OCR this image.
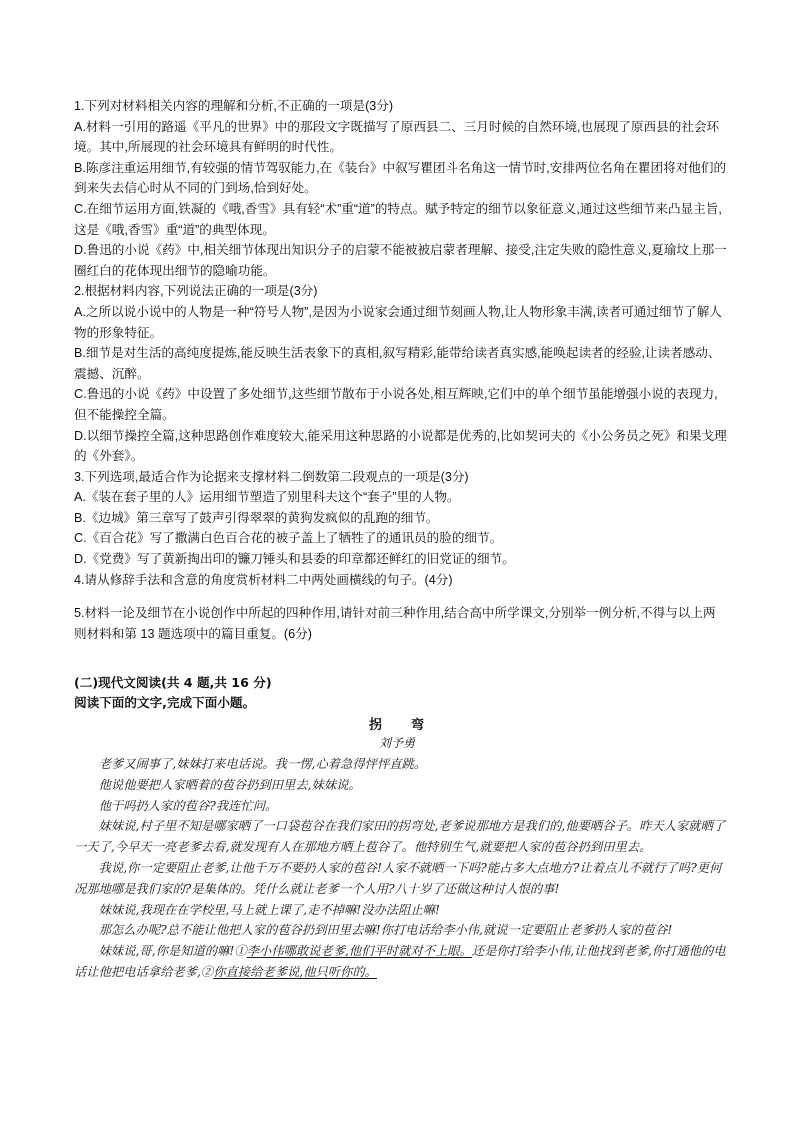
1.下列对材料相关内容的理解和分析,不正确的一项是(3分)

A.材料一引用的路遥《平凡的世界》中的那段文字既描写了原西县二、三月时候的自然环境,也展现了原西县的社会环境。其中,所展现的社会环境具有鲜明的时代性。

B.陈彦注重运用细节,有较强的情节驾驭能力,在《装台》中叙写瞿团斗名角这一情节时,安排两位名角在瞿团将对他们的到来失去信心时从不同的门到场,恰到好处。

C.在细节运用方面,铁凝的《哦,香雪》具有轻“术”重“道”的特点。赋予特定的细节以象征意义,通过这些细节来凸显主旨,这是《哦,香雪》重“道”的典型体现。

D.鲁迅的小说《药》中,相关细节体现出知识分子的启蒙不能被被启蒙者理解、接受,注定失败的隐性意义,夏瑜坟上那一圈红白的花体现出细节的隐喻功能。

2.根据材料内容,下列说法正确的一项是(3分)

A.之所以说小说中的人物是一种“符号人物”,是因为小说家会通过细节刻画人物,让人物形象丰满,读者可通过细节了解人物的形象特征。

B.细节是对生活的高纯度提炼,能反映生活表象下的真相,叙写精彩,能带给读者真实感,能唤起读者的经验,让读者感动、震撼、沉醉。

C.鲁迅的小说《药》中设置了多处细节,这些细节散布于小说各处,相互辉映,它们中的单个细节虽能增强小说的表现力,但不能操控全篇。

D.以细节操控全篇,这种思路创作难度较大,能采用这种思路的小说都是优秀的,比如契诃夫的《小公务员之死》和果戈理的《外套》。

3.下列选项,最适合作为论据来支撑材料二倒数第二段观点的一项是(3分)

A.《装在套子里的人》运用细节塑造了别里科夫这个“套子”里的人物。

B.《边城》第三章写了鼓声引得翠翠的黄狗发疯似的乱跑的细节。

C.《百合花》写了撒满白色百合花的被子盖上了牺牲了的通讯员的脸的细节。

D.《党费》写了黄新掏出印的镰刀锤头和县委的印章都还鲜红的旧党证的细节。

4.请从修辞手法和含意的角度赏析材料二中两处画横线的句子。(4分)

5.材料一论及细节在小说创作中所起的四种作用,请针对前三种作用,结合高中所学课文,分别举一例分析,不得与以上两则材料和第 13 题选项中的篇目重复。(6分)

(二)现代文阅读(共 4 题,共 16 分)
阅读下面的文字,完成下面小题。
拐　　弯
刘予勇

老爹又闹事了,妹妹打来电话说。我一愣,心着急得怦怦直跳。

他说他要把人家晒着的苞谷扔到田里去,妹妹说。

他干吗扔人家的苞谷?我连忙问。

妹妹说,村子里不知是哪家晒了一口袋苞谷在我们家田的拐弯处,老爹说那地方是我们的,他要晒谷子。昨天人家就晒了一天了,今早天一亮老爹去看,就发现有人在那地方晒上苞谷了。他特别生气,就要把人家的苞谷扔到田里去。

我说,你一定要阻止老爹,让他千万不要扔人家的苞谷!人家不就晒一下吗?能占多大点地方?让着点儿不就行了吗?更何况那地哪是我们家的?是集体的。凭什么就让老爹一个人用?八十岁了还做这种讨人恨的事!

妹妹说,我现在在学校里,马上就上课了,走不掉嘛!没办法阻止嘛!

那怎么办呢?总不能让他把人家的苞谷扔到田里去嘛!你打电话给李小伟,就说一定要阻止老爹扔人家的苞谷!

妹妹说,哥,你是知道的嘛!①李小伟哪敢说老爹,他们平时就对不上眼。还是你打给李小伟,让他找到老爹,你打通他的电话让他把电话拿给老爹,②你直接给老爹说,他只听你的。
